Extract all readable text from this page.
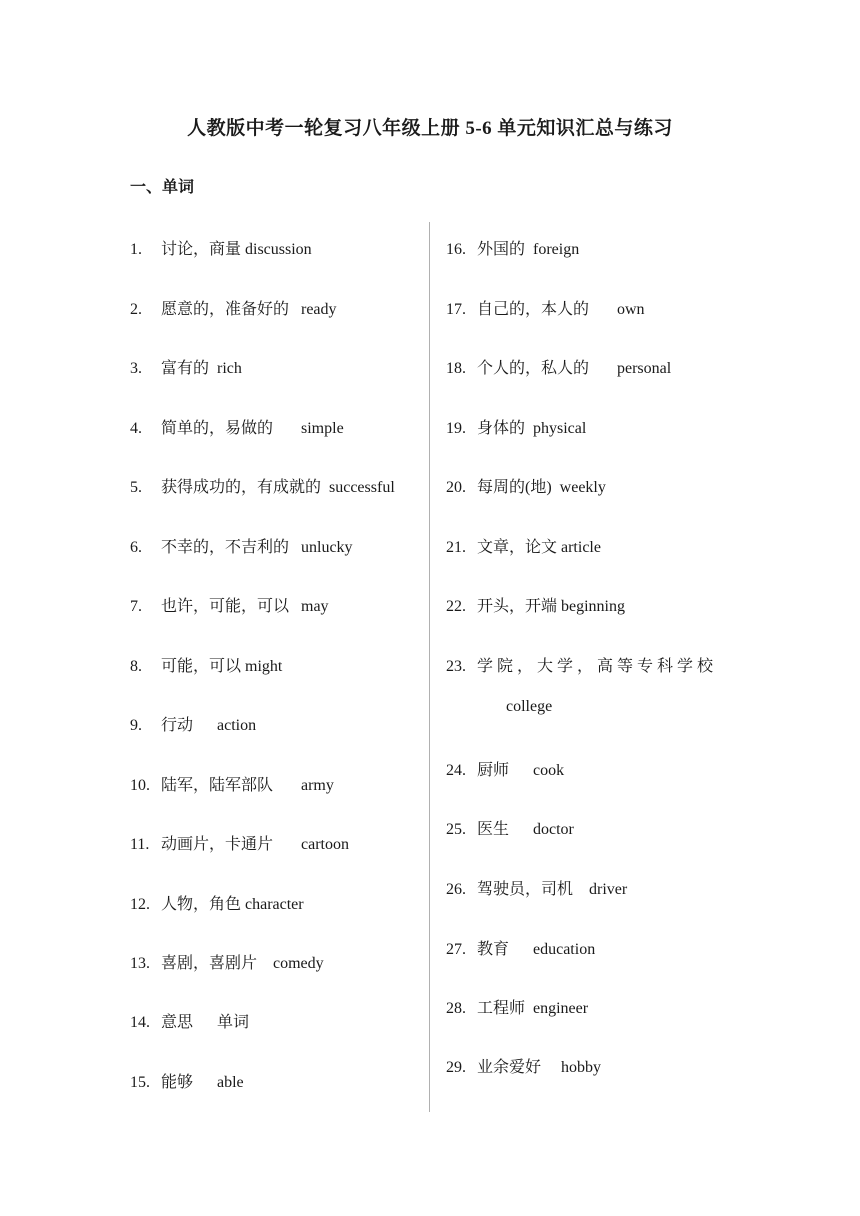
人教版中考一轮复习八年级上册 5-6 单元知识汇总与练习
一、单词
1. 讨论，商量 discussion
2. 愿意的，准备好的   ready
3. 富有的  rich
4. 简单的，易做的       simple
5. 获得成功的，有成就的  successful
6. 不幸的，不吉利的   unlucky
7. 也许，可能，可以   may
8. 可能，可以 might
9. 行动      action
10. 陆军，陆军部队       army
11. 动画片，卡通片       cartoon
12. 人物，角色 character
13. 喜剧，喜剧片    comedy
14. 意思      单词
15. 能够      able
16. 外国的  foreign
17. 自己的，本人的       own
18. 个人的，私人的       personal
19. 身体的  physical
20. 每周的(地)  weekly
21. 文章，论文 article
22. 开头，开端 beginning
23. 学 院 ， 大 学 ， 高 等 专 科 学 校
college
24. 厨师      cook
25. 医生      doctor
26. 驾驶员，司机    driver
27. 教育      education
28. 工程师  engineer
29. 业余爱好     hobby
